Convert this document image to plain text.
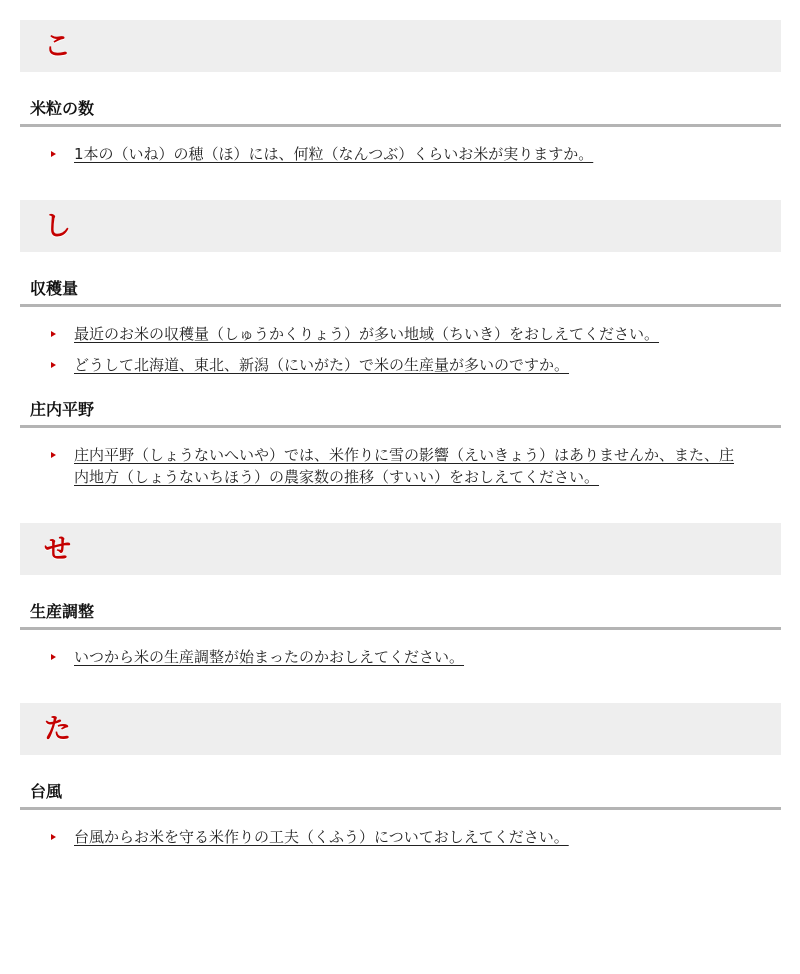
こ
米粒の数
1本の（いね）の穂（ほ）には、何粒（なんつぶ）くらいお米が実りますか。
し
収穫量
最近のお米の収穫量（しゅうかくりょう）が多い地域（ちいき）をおしえてください。
どうして北海道、東北、新潟（にいがた）で米の生産量が多いのですか。
庄内平野
庄内平野（しょうないへいや）では、米作りに雪の影響（えいきょう）はありませんか、また、庄内地方（しょうないちほう）の農家数の推移（すいい）をおしえてください。
せ
生産調整
いつから米の生産調整が始まったのかおしえてください。
た
台風
台風からお米を守る米作りの工夫（くふう）についておしえてください。
